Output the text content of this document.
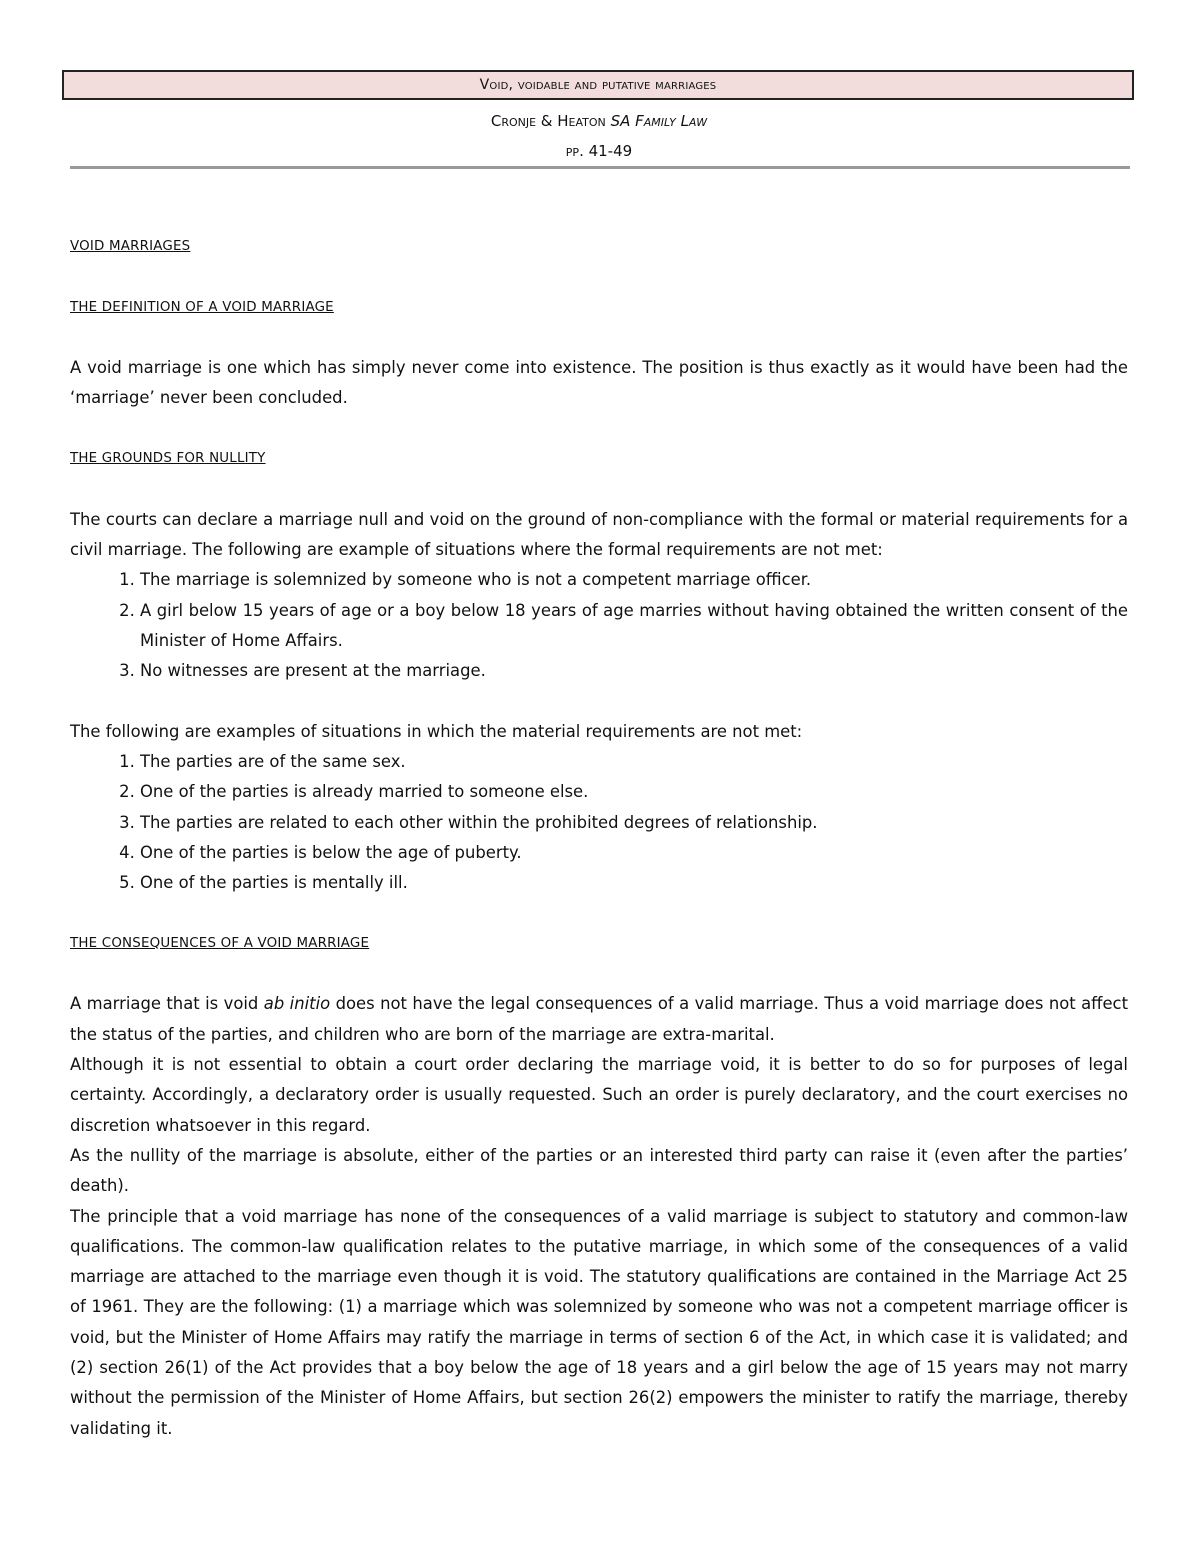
Void, voidable and putative marriages
Cronje & Heaton SA Family Law
pp. 41-49
VOID MARRIAGES
THE DEFINITION OF A VOID MARRIAGE

A void marriage is one which has simply never come into existence. The position is thus exactly as it would have been had the ‘marriage’ never been concluded.

THE GROUNDS FOR NULLITY

The courts can declare a marriage null and void on the ground of non-compliance with the formal or material requirements for a civil marriage. The following are example of situations where the formal requirements are not met:

1. The marriage is solemnized by someone who is not a competent marriage officer.
2. A girl below 15 years of age or a boy below 18 years of age marries without having obtained the written consent of the Minister of Home Affairs.
3. No witnesses are present at the marriage.

The following are examples of situations in which the material requirements are not met:

1. The parties are of the same sex.
2. One of the parties is already married to someone else.
3. The parties are related to each other within the prohibited degrees of relationship.
4. One of the parties is below the age of puberty.
5. One of the parties is mentally ill.
THE CONSEQUENCES OF A VOID MARRIAGE

A marriage that is void ab initio does not have the legal consequences of a valid marriage. Thus a void marriage does not affect the status of the parties, and children who are born of the marriage are extra-marital.

Although it is not essential to obtain a court order declaring the marriage void, it is better to do so for purposes of legal certainty. Accordingly, a declaratory order is usually requested. Such an order is purely declaratory, and the court exercises no discretion whatsoever in this regard.

As the nullity of the marriage is absolute, either of the parties or an interested third party can raise it (even after the parties’ death).

The principle that a void marriage has none of the consequences of a valid marriage is subject to statutory and common-law qualifications. The common-law qualification relates to the putative marriage, in which some of the consequences of a valid marriage are attached to the marriage even though it is void. The statutory qualifications are contained in the Marriage Act 25 of 1961. They are the following: (1) a marriage which was solemnized by someone who was not a competent marriage officer is void, but the Minister of Home Affairs may ratify the marriage in terms of section 6 of the Act, in which case it is validated; and (2) section 26(1) of the Act provides that a boy below the age of 18 years and a girl below the age of 15 years may not marry without the permission of the Minister of Home Affairs, but section 26(2) empowers the minister to ratify the marriage, thereby validating it.
